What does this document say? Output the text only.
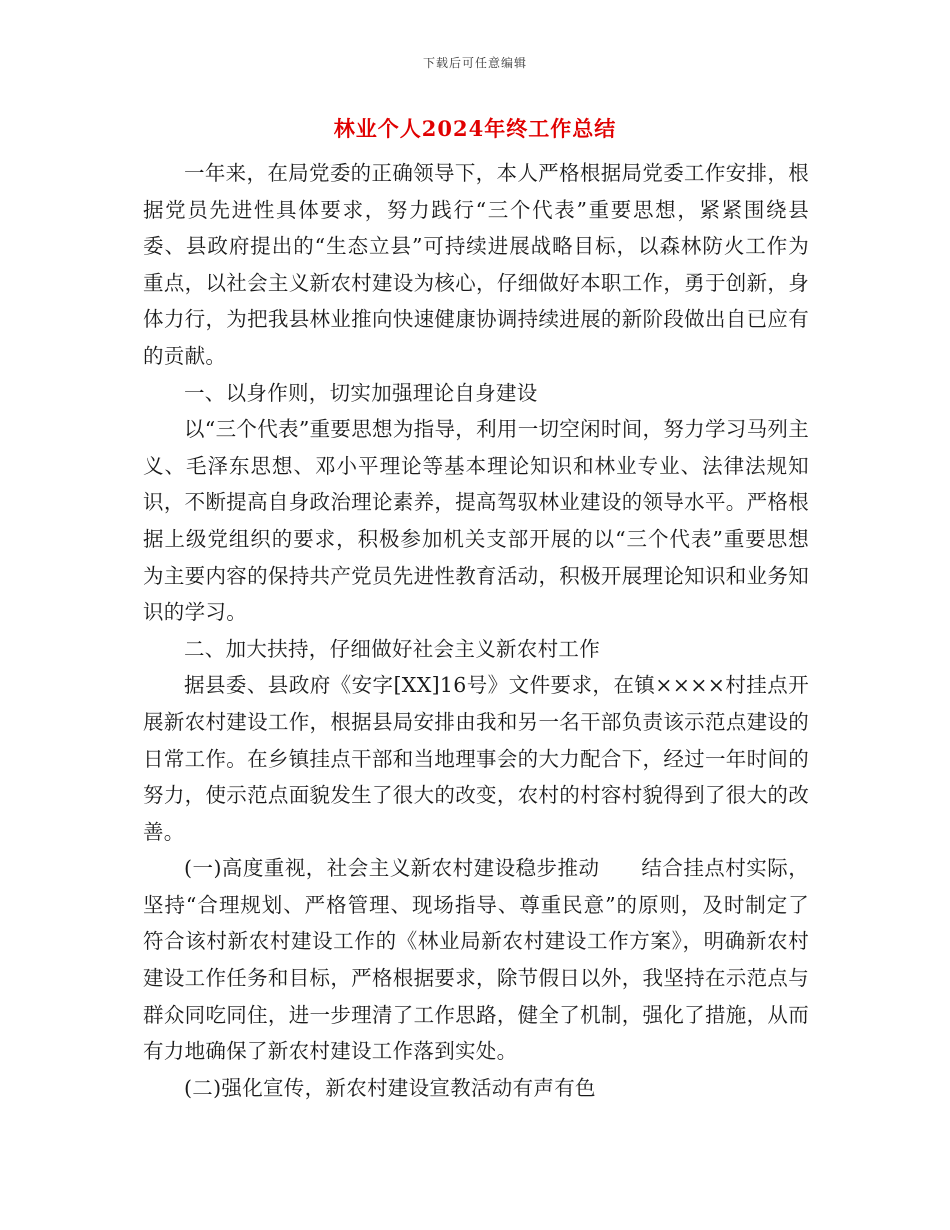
下载后可任意编辑
林业个人2024年终工作总结

一年来，在局党委的正确领导下，本人严格根据局党委工作安排，根据党员先进性具体要求，努力践行“三个代表”重要思想，紧紧围绕县委、县政府提出的“生态立县”可持续进展战略目标，以森林防火工作为重点，以社会主义新农村建设为核心，仔细做好本职工作，勇于创新，身体力行，为把我县林业推向快速健康协调持续进展的新阶段做出自已应有的贡献。

一、以身作则，切实加强理论自身建设

以“三个代表”重要思想为指导，利用一切空闲时间，努力学习马列主义、毛泽东思想、邓小平理论等基本理论知识和林业专业、法律法规知识，不断提高自身政治理论素养，提高驾驭林业建设的领导水平。严格根据上级党组织的要求，积极参加机关支部开展的以“三个代表”重要思想为主要内容的保持共产党员先进性教育活动，积极开展理论知识和业务知识的学习。

二、加大扶持，仔细做好社会主义新农村工作

据县委、县政府《安字[XX]16号》文件要求，在镇××××村挂点开展新农村建设工作，根据县局安排由我和另一名干部负责该示范点建设的日常工作。在乡镇挂点干部和当地理事会的大力配合下，经过一年时间的努力，使示范点面貌发生了很大的改变，农村的村容村貌得到了很大的改善。

(一)高度重视，社会主义新农村建设稳步推动　　结合挂点村实际，坚持“合理规划、严格管理、现场指导、尊重民意”的原则，及时制定了符合该村新农村建设工作的《林业局新农村建设工作方案》，明确新农村建设工作任务和目标，严格根据要求，除节假日以外，我坚持在示范点与群众同吃同住，进一步理清了工作思路，健全了机制，强化了措施，从而有力地确保了新农村建设工作落到实处。

(二)强化宣传，新农村建设宣教活动有声有色
